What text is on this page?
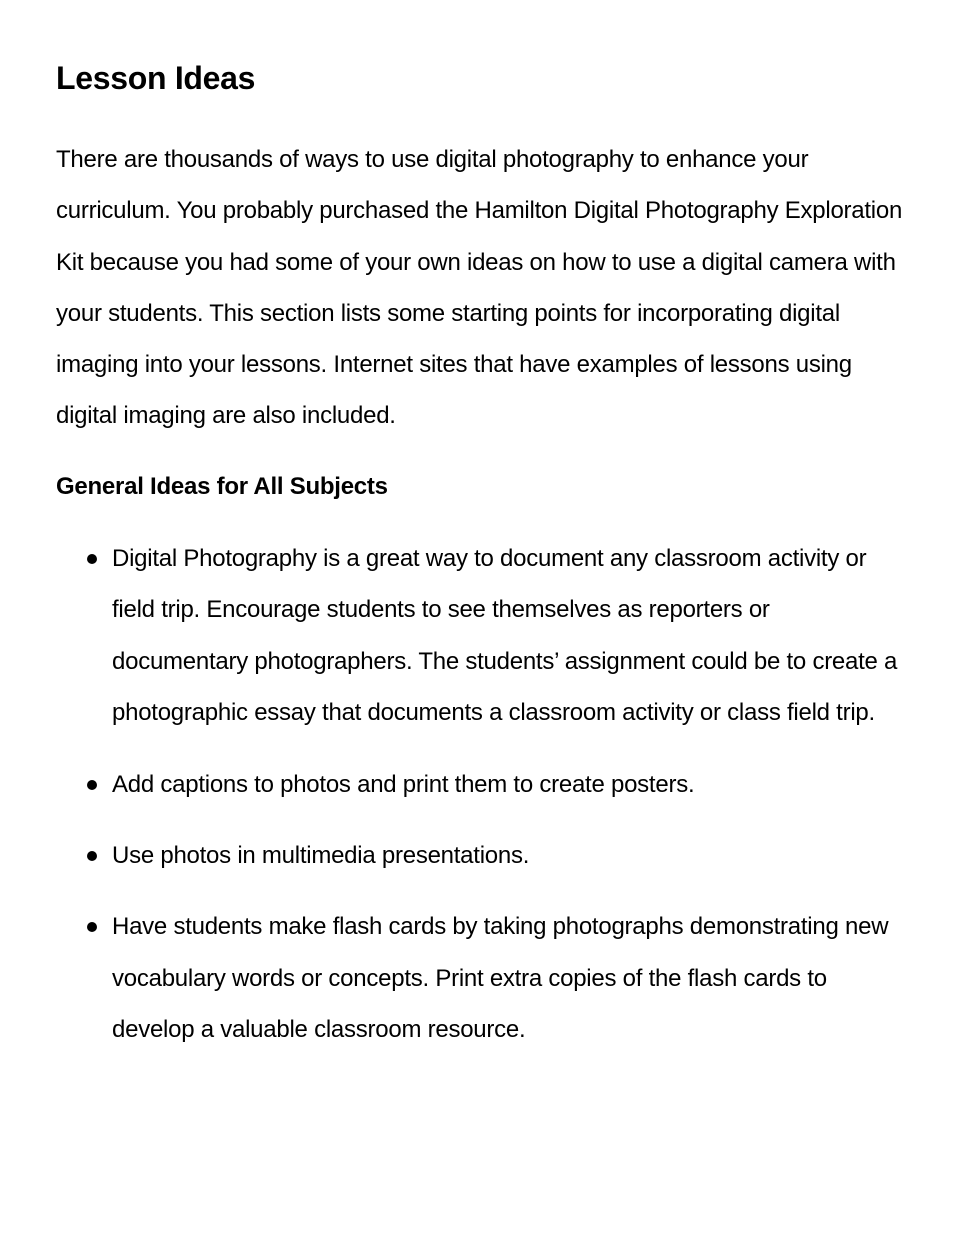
Lesson Ideas

There are thousands of ways to use digital photography to enhance your curriculum. You probably purchased the Hamilton Digital Photography Exploration Kit because you had some of your own ideas on how to use a digital camera with your students. This section lists some starting points for incorporating digital imaging into your lessons. Internet sites that have examples of lessons using digital imaging are also included.

General Ideas for All Subjects
Digital Photography is a great way to document any classroom activity or field trip. Encourage students to see themselves as reporters or documentary photographers. The students’ assignment could be to create a photographic essay that documents a classroom activity or class field trip.
Add captions to photos and print them to create posters.
Use photos in multimedia presentations.
Have students make flash cards by taking photographs demonstrating new vocabulary words or concepts. Print extra copies of the flash cards to develop a valuable classroom resource.
